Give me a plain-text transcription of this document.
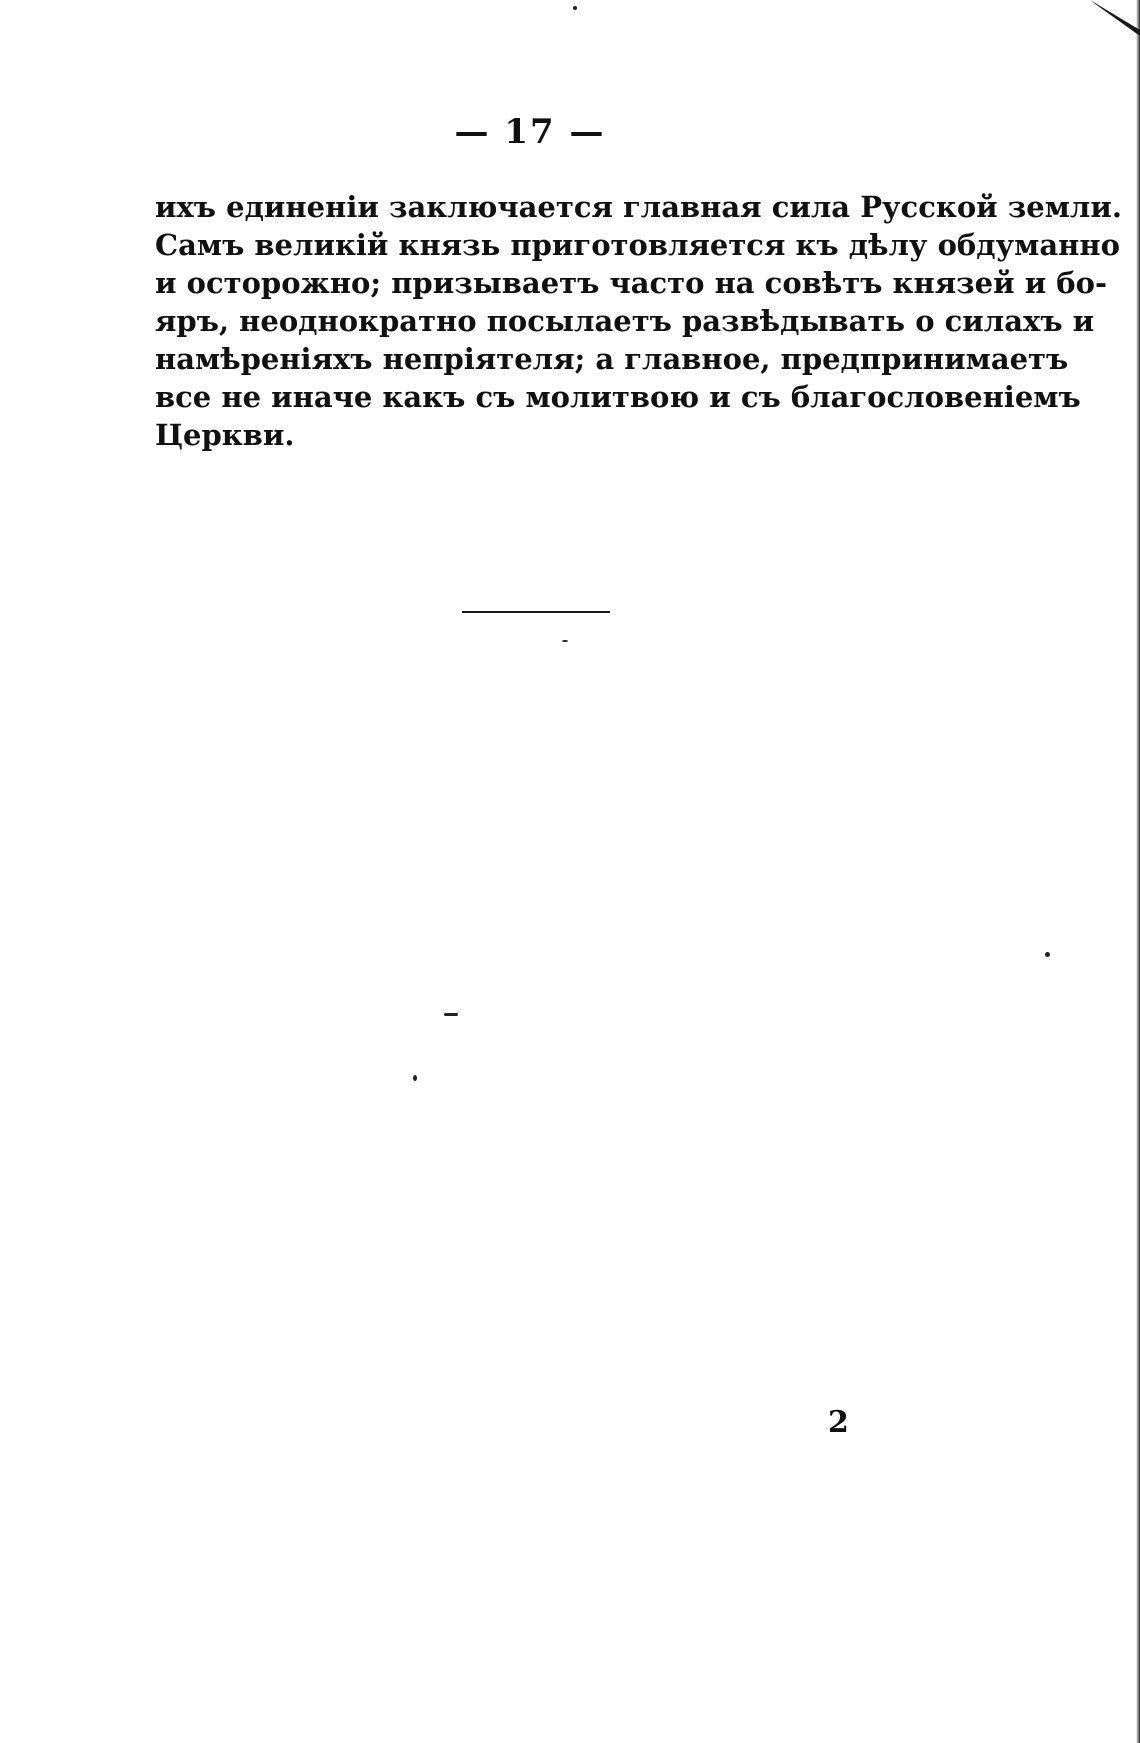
— 17 —
ихъ единенiи заключается главная сила Русской земли.
Самъ великiй князь приготовляется къ дѣлу обдуманно
и осторожно; призываетъ часто на совѣтъ князей и бо-
яръ, неоднократно посылаетъ развѣдывать о силахъ и
намѣренiяхъ непрiятеля; а главное, предпринимаетъ
все не иначе какъ съ молитвою и съ благословенiемъ
Церкви.
2
